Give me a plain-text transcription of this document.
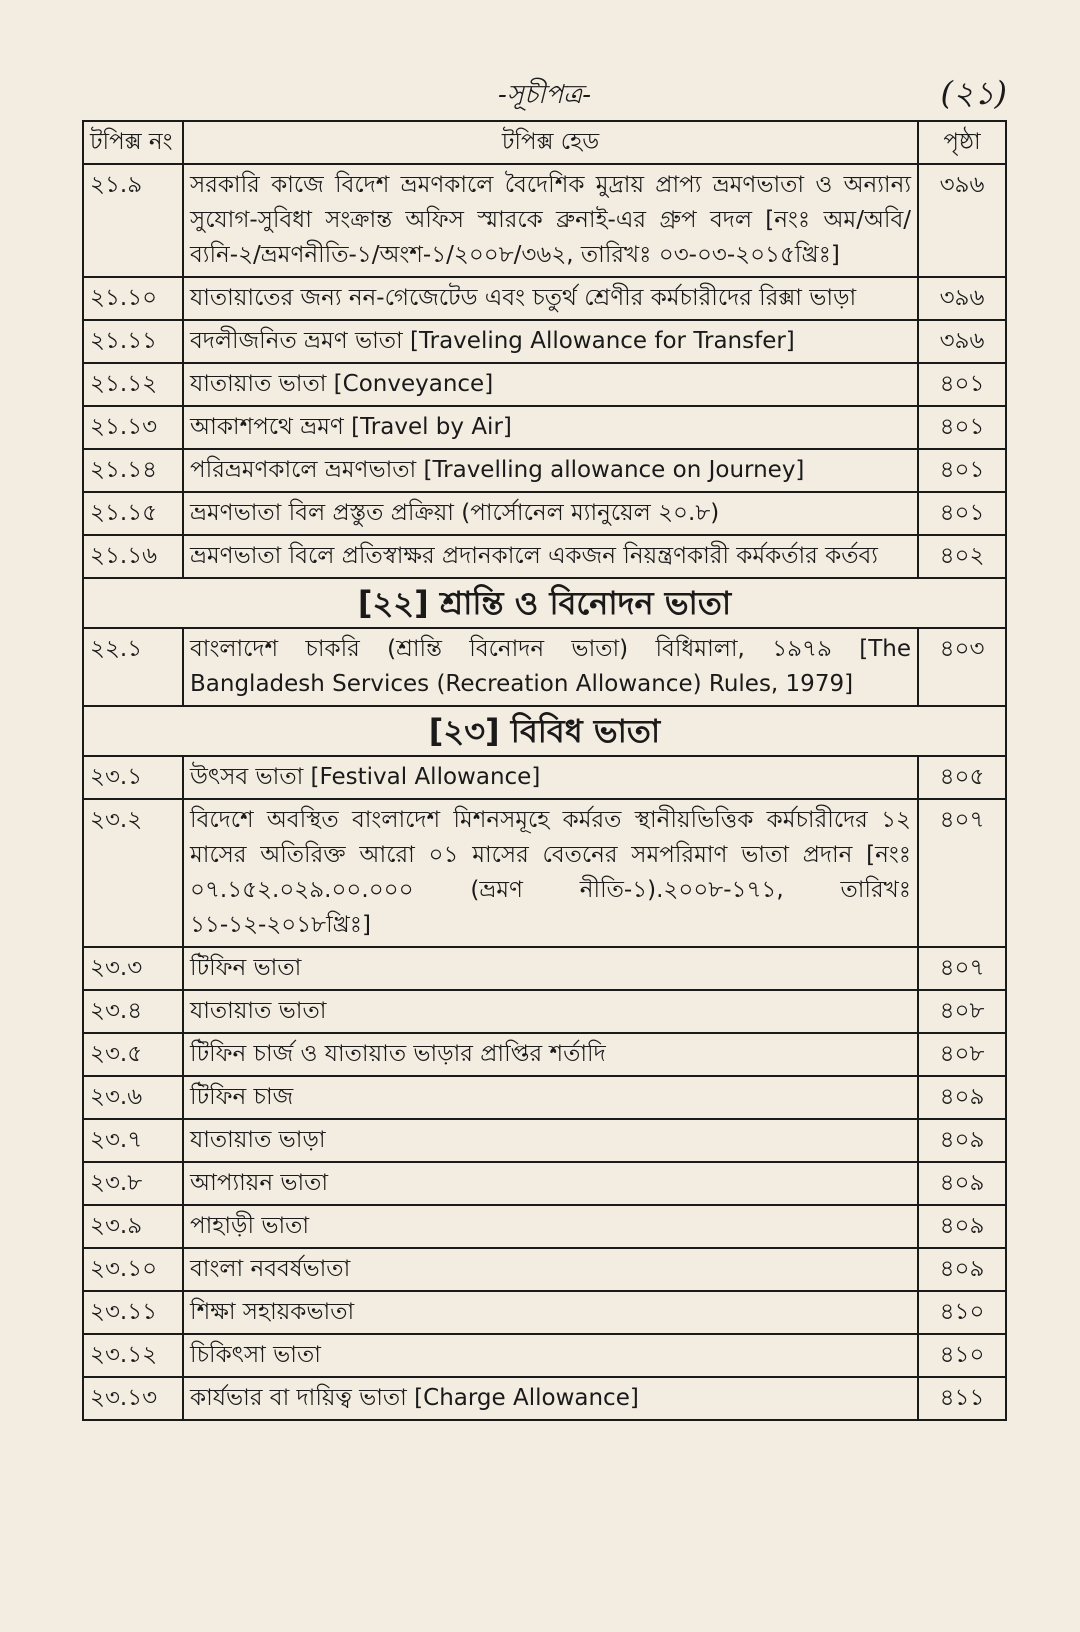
-সূচীপত্র-	(২১)
টপিক্স নং	টপিক্স হেড	পৃষ্ঠা
২১.৯	সরকারি কাজে বিদেশ ভ্রমণকালে বৈদেশিক মুদ্রায় প্রাপ্য ভ্রমণভাতা ও অন্যান্য সুযোগ-সুবিধা সংক্রান্ত অফিস স্মারকে ব্রুনাই-এর গ্রুপ বদল [নংঃ অম/অবি/ব্যনি-২/ভ্রমণনীতি-১/অংশ-১/২০০৮/৩৬২, তারিখঃ ০৩-০৩-২০১৫খ্রিঃ]	৩৯৬
২১.১০	যাতায়াতের জন্য নন-গেজেটেড এবং চতুর্থ শ্রেণীর কর্মচারীদের রিক্সা ভাড়া	৩৯৬
২১.১১	বদলীজনিত ভ্রমণ ভাতা [Traveling Allowance for Transfer]	৩৯৬
২১.১২	যাতায়াত ভাতা [Conveyance]	৪০১
২১.১৩	আকাশপথে ভ্রমণ [Travel by Air]	৪০১
২১.১৪	পরিভ্রমণকালে ভ্রমণভাতা [Travelling allowance on Journey]	৪০১
২১.১৫	ভ্রমণভাতা বিল প্রস্তুত প্রক্রিয়া (পার্সোনেল ম্যানুয়েল ২০.৮)	৪০১
২১.১৬	ভ্রমণভাতা বিলে প্রতিস্বাক্ষর প্রদানকালে একজন নিয়ন্ত্রণকারী কর্মকর্তার কর্তব্য	৪০২
[২২] শ্রান্তি ও বিনোদন ভাতা		
২২.১	বাংলাদেশ চাকরি (শ্রান্তি বিনোদন ভাতা) বিধিমালা, ১৯৭৯ [The Bangladesh Services (Recreation Allowance) Rules, 1979]	৪০৩
[২৩] বিবিধ ভাতা		
২৩.১	উৎসব ভাতা [Festival Allowance]	৪০৫
২৩.২	বিদেশে অবস্থিত বাংলাদেশ মিশনসমূহে কর্মরত স্থানীয়ভিত্তিক কর্মচারীদের ১২ মাসের অতিরিক্ত আরো ০১ মাসের বেতনের সমপরিমাণ ভাতা প্রদান [নংঃ ০৭.১৫২.০২৯.০০.০০০ (ভ্রমণ নীতি-১).২০০৮-১৭১, তারিখঃ ১১-১২-২০১৮খ্রিঃ]	৪০৭
২৩.৩	টিফিন ভাতা	৪০৭
২৩.৪	যাতায়াত ভাতা	৪০৮
২৩.৫	টিফিন চার্জ ও যাতায়াত ভাড়ার প্রাপ্তির শর্তাদি	৪০৮
২৩.৬	টিফিন চাজ	৪০৯
২৩.৭	যাতায়াত ভাড়া	৪০৯
২৩.৮	আপ্যায়ন ভাতা	৪০৯
২৩.৯	পাহাড়ী ভাতা	৪০৯
২৩.১০	বাংলা নববর্ষভাতা	৪০৯
২৩.১১	শিক্ষা সহায়কভাতা	৪১০
২৩.১২	চিকিৎসা ভাতা	৪১০
২৩.১৩	কার্যভার বা দায়িত্ব ভাতা [Charge Allowance]	৪১১
